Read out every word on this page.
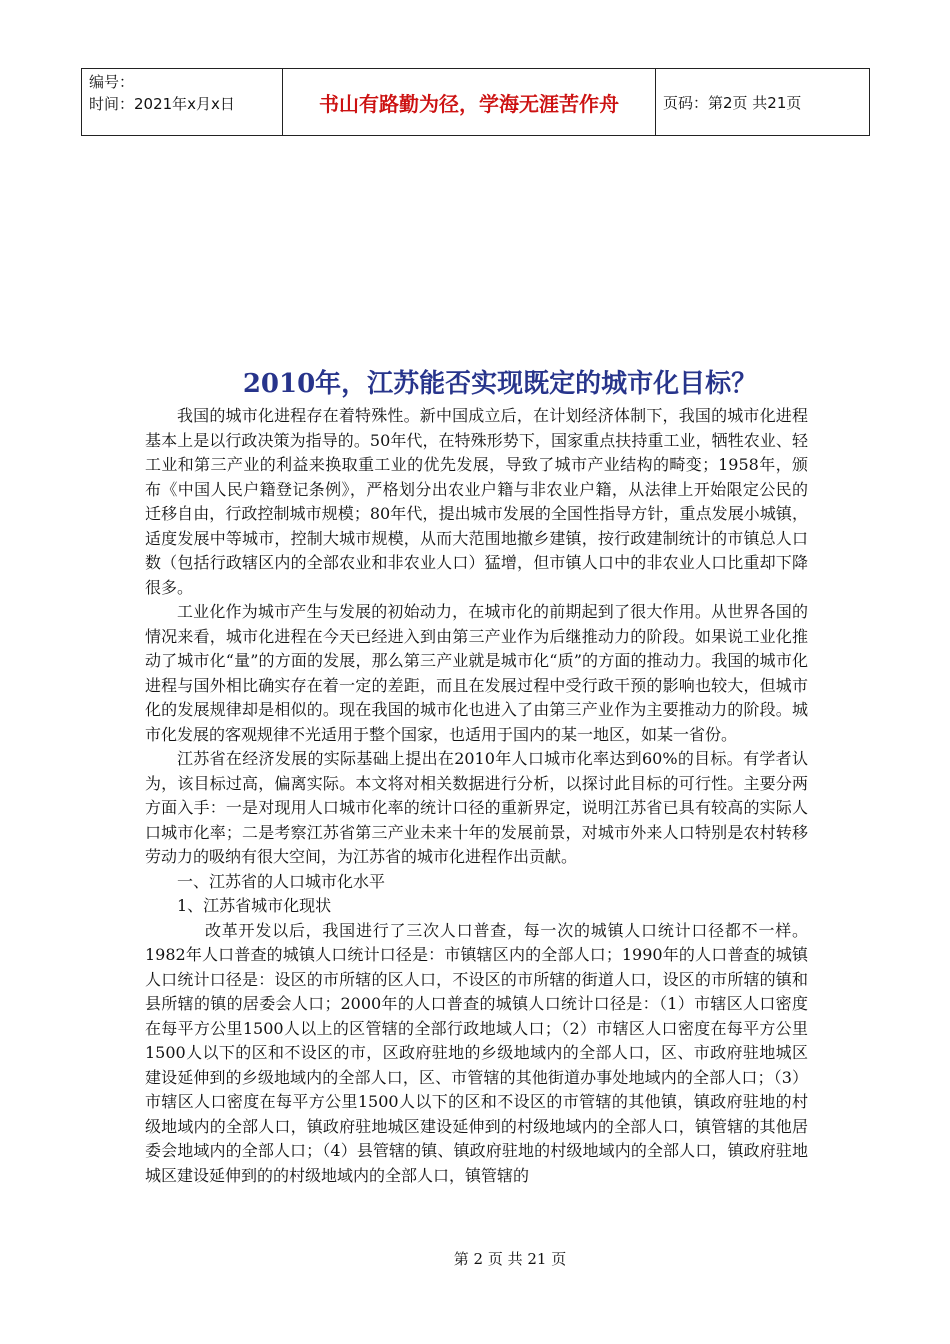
编号：
时间：2021年x月x日	书山有路勤为径，学海无涯苦作舟	页码：第2页 共21页
2010年，江苏能否实现既定的城市化目标？

我国的城市化进程存在着特殊性。新中国成立后，在计划经济体制下，我国的城市化进程基本上是以行政决策为指导的。50年代，在特殊形势下，国家重点扶持重工业，牺牲农业、轻工业和第三产业的利益来换取重工业的优先发展，导致了城市产业结构的畸变；1958年，颁布《中国人民户籍登记条例》，严格划分出农业户籍与非农业户籍，从法律上开始限定公民的迁移自由，行政控制城市规模；80年代，提出城市发展的全国性指导方针，重点发展小城镇，适度发展中等城市，控制大城市规模，从而大范围地撤乡建镇，按行政建制统计的市镇总人口数（包括行政辖区内的全部农业和非农业人口）猛增，但市镇人口中的非农业人口比重却下降很多。

工业化作为城市产生与发展的初始动力，在城市化的前期起到了很大作用。从世界各国的情况来看，城市化进程在今天已经进入到由第三产业作为后继推动力的阶段。如果说工业化推动了城市化“量”的方面的发展，那么第三产业就是城市化“质”的方面的推动力。我国的城市化进程与国外相比确实存在着一定的差距，而且在发展过程中受行政干预的影响也较大，但城市化的发展规律却是相似的。现在我国的城市化也进入了由第三产业作为主要推动力的阶段。城市化发展的客观规律不光适用于整个国家，也适用于国内的某一地区，如某一省份。

江苏省在经济发展的实际基础上提出在2010年人口城市化率达到60%的目标。有学者认为，该目标过高，偏离实际。本文将对相关数据进行分析，以探讨此目标的可行性。主要分两方面入手：一是对现用人口城市化率的统计口径的重新界定，说明江苏省已具有较高的实际人口城市化率；二是考察江苏省第三产业未来十年的发展前景，对城市外来人口特别是农村转移劳动力的吸纳有很大空间，为江苏省的城市化进程作出贡献。

一、江苏省的人口城市化水平

1、江苏省城市化现状

改革开发以后，我国进行了三次人口普查，每一次的城镇人口统计口径都不一样。1982年人口普查的城镇人口统计口径是：市镇辖区内的全部人口；1990年的人口普查的城镇人口统计口径是：设区的市所辖的区人口，不设区的市所辖的街道人口，设区的市所辖的镇和县所辖的镇的居委会人口；2000年的人口普查的城镇人口统计口径是：（1）市辖区人口密度在每平方公里1500人以上的区管辖的全部行政地域人口；（2）市辖区人口密度在每平方公里1500人以下的区和不设区的市，区政府驻地的乡级地域内的全部人口，区、市政府驻地城区建设延伸到的乡级地域内的全部人口，区、市管辖的其他街道办事处地域内的全部人口；（3）市辖区人口密度在每平方公里1500人以下的区和不设区的市管辖的其他镇，镇政府驻地的村级地域内的全部人口，镇政府驻地城区建设延伸到的村级地域内的全部人口，镇管辖的其他居委会地域内的全部人口；（4）县管辖的镇、镇政府驻地的村级地域内的全部人口，镇政府驻地城区建设延伸到的的村级地域内的全部人口，镇管辖的

第 2 页 共 21 页
